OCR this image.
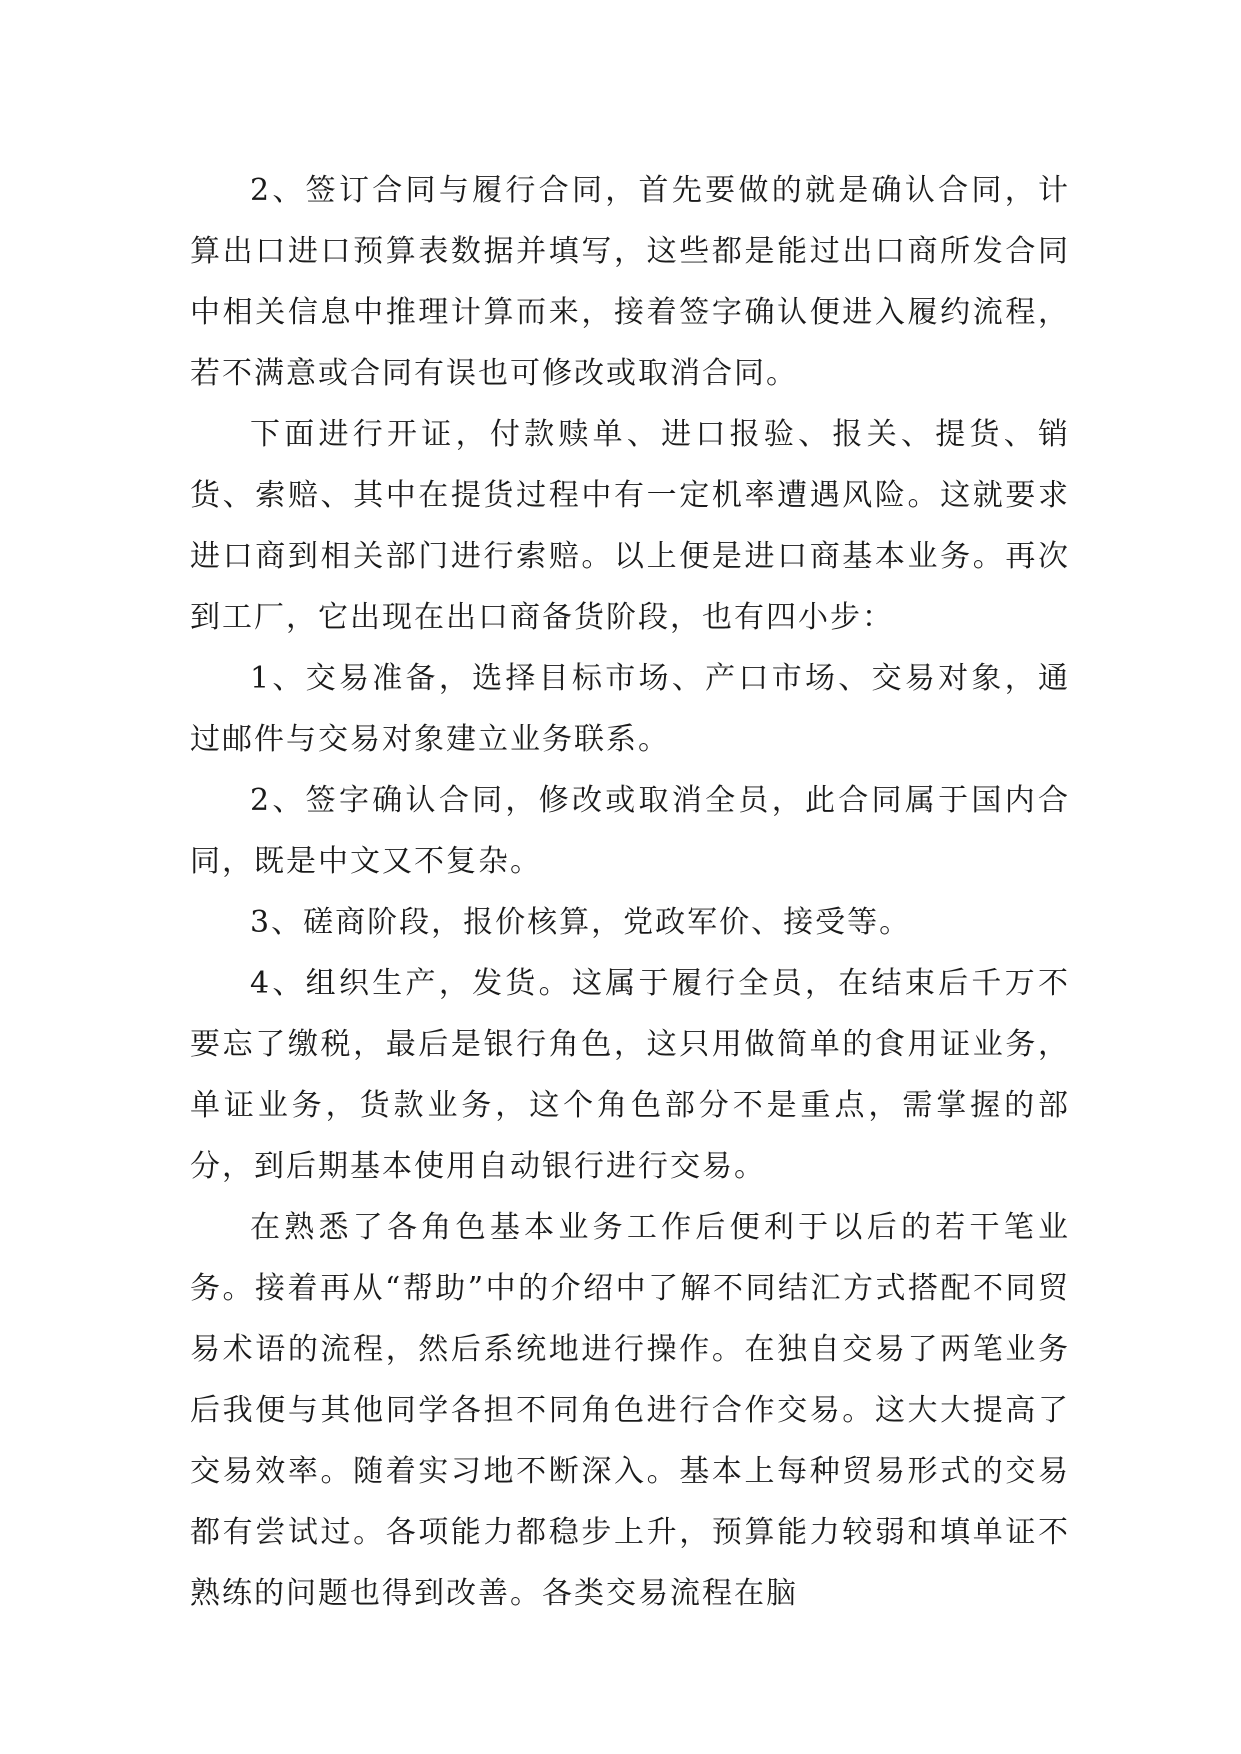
2、签订合同与履行合同，首先要做的就是确认合同，计算出口进口预算表数据并填写，这些都是能过出口商所发合同中相关信息中推理计算而来，接着签字确认便进入履约流程，若不满意或合同有误也可修改或取消合同。

下面进行开证，付款赎单、进口报验、报关、提货、销货、索赔、其中在提货过程中有一定机率遭遇风险。这就要求进口商到相关部门进行索赔。以上便是进口商基本业务。再次到工厂，它出现在出口商备货阶段，也有四小步：

1、交易准备，选择目标市场、产口市场、交易对象，通过邮件与交易对象建立业务联系。

2、签字确认合同，修改或取消全员，此合同属于国内合同，既是中文又不复杂。

3、磋商阶段，报价核算，党政军价、接受等。

4、组织生产，发货。这属于履行全员，在结束后千万不要忘了缴税，最后是银行角色，这只用做简单的食用证业务，单证业务，货款业务，这个角色部分不是重点，需掌握的部分，到后期基本使用自动银行进行交易。

在熟悉了各角色基本业务工作后便利于以后的若干笔业务。接着再从“帮助”中的介绍中了解不同结汇方式搭配不同贸易术语的流程，然后系统地进行操作。在独自交易了两笔业务后我便与其他同学各担不同角色进行合作交易。这大大提高了交易效率。随着实习地不断深入。基本上每种贸易形式的交易都有尝试过。各项能力都稳步上升，预算能力较弱和填单证不熟练的问题也得到改善。各类交易流程在脑
